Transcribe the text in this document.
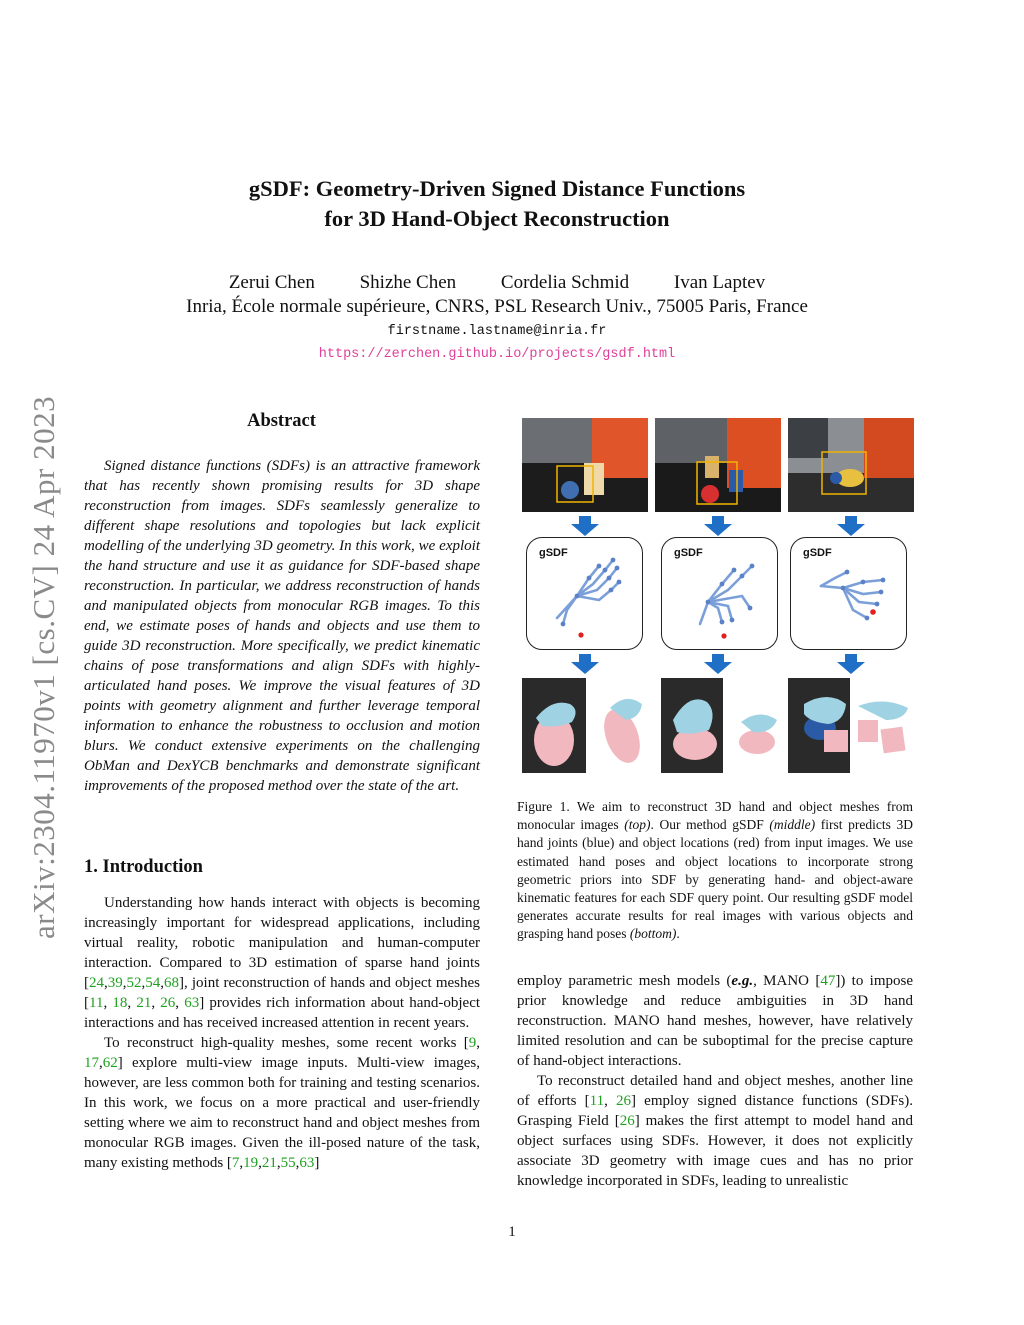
arXiv:2304.11970v1 [cs.CV] 24 Apr 2023
gSDF: Geometry-Driven Signed Distance Functions
for 3D Hand-Object Reconstruction
Zerui Chen Shizhe Chen Cordelia Schmid Ivan Laptev
Inria, École normale supérieure, CNRS, PSL Research Univ., 75005 Paris, France
firstname.lastname@inria.fr
https://zerchen.github.io/projects/gsdf.html
Abstract
Signed distance functions (SDFs) is an attractive framework that has recently shown promising results for 3D shape reconstruction from images. SDFs seamlessly generalize to different shape resolutions and topologies but lack explicit modelling of the underlying 3D geometry. In this work, we exploit the hand structure and use it as guidance for SDF-based shape reconstruction. In particular, we address reconstruction of hands and manipulated objects from monocular RGB images. To this end, we estimate poses of hands and objects and use them to guide 3D reconstruction. More specifically, we predict kinematic chains of pose transformations and align SDFs with highly-articulated hand poses. We improve the visual features of 3D points with geometry alignment and further leverage temporal information to enhance the robustness to occlusion and motion blurs. We conduct extensive experiments on the challenging ObMan and DexYCB benchmarks and demonstrate significant improvements of the proposed method over the state of the art.
1. Introduction

Understanding how hands interact with objects is becoming increasingly important for widespread applications, including virtual reality, robotic manipulation and human-computer interaction. Compared to 3D estimation of sparse hand joints [24,39,52,54,68], joint reconstruction of hands and object meshes [11, 18, 21, 26, 63] provides rich information about hand-object interactions and has received increased attention in recent years.

To reconstruct high-quality meshes, some recent works [9, 17,62] explore multi-view image inputs. Multi-view images, however, are less common both for training and testing scenarios. In this work, we focus on a more practical and user-friendly setting where we aim to reconstruct hand and object meshes from monocular RGB images. Given the ill-posed nature of the task, many existing methods [7,19,21,55,63]

gSDF	gSDF	gSDF
Figure 1. We aim to reconstruct 3D hand and object meshes from monocular images (top). Our method gSDF (middle) first predicts 3D hand joints (blue) and object locations (red) from input images. We use estimated hand poses and object locations to incorporate strong geometric priors into SDF by generating hand- and object-aware kinematic features for each SDF query point. Our resulting gSDF model generates accurate results for real images with various objects and grasping hand poses (bottom).

employ parametric mesh models (e.g., MANO [47]) to impose prior knowledge and reduce ambiguities in 3D hand reconstruction. MANO hand meshes, however, have relatively limited resolution and can be suboptimal for the precise capture of hand-object interactions.

To reconstruct detailed hand and object meshes, another line of efforts [11, 26] employ signed distance functions (SDFs). Grasping Field [26] makes the first attempt to model hand and object surfaces using SDFs. However, it does not explicitly associate 3D geometry with image cues and has no prior knowledge incorporated in SDFs, leading to unrealistic

1
